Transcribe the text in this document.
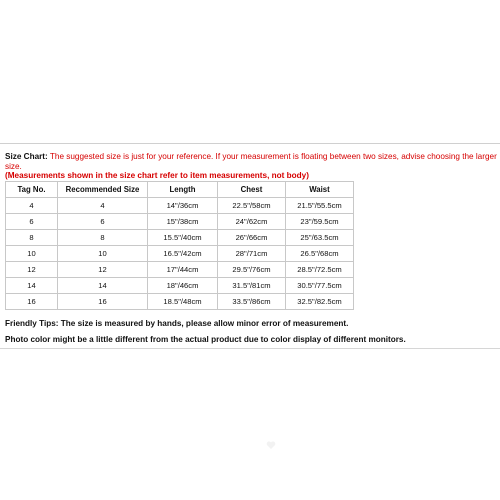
Size Chart: The suggested size is just for your reference. If your measurement is floating between two sizes, advise choosing the larger size.
(Measurements shown in the size chart refer to item measurements, not body)
Tag No.	Recommended Size	Length	Chest	Waist
4	4	14"/36cm	22.5"/58cm	21.5"/55.5cm
6	6	15"/38cm	24"/62cm	23"/59.5cm
8	8	15.5"/40cm	26"/66cm	25"/63.5cm
10	10	16.5"/42cm	28"/71cm	26.5"/68cm
12	12	17"/44cm	29.5"/76cm	28.5"/72.5cm
14	14	18"/46cm	31.5"/81cm	30.5"/77.5cm
16	16	18.5"/48cm	33.5"/86cm	32.5"/82.5cm
Friendly Tips: The size is measured by hands, please allow minor error of measurement.
Photo color might be a little different from the actual product due to color display of different monitors.
